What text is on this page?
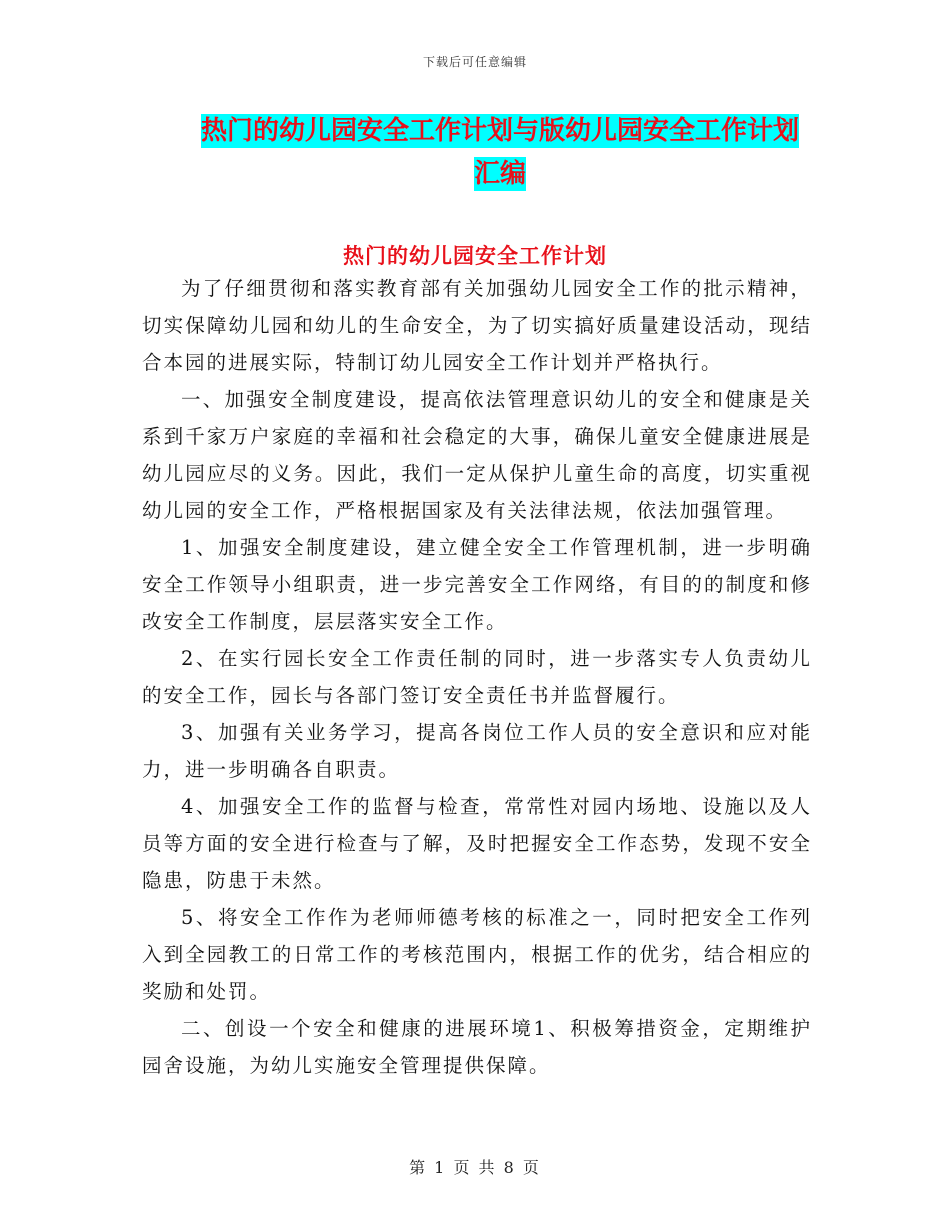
下载后可任意编辑
热门的幼儿园安全工作计划与版幼儿园安全工作计划
汇编
热门的幼儿园安全工作计划

为了仔细贯彻和落实教育部有关加强幼儿园安全工作的批示精神，切实保障幼儿园和幼儿的生命安全，为了切实搞好质量建设活动，现结合本园的进展实际，特制订幼儿园安全工作计划并严格执行。

一、加强安全制度建设，提高依法管理意识幼儿的安全和健康是关系到千家万户家庭的幸福和社会稳定的大事，确保儿童安全健康进展是幼儿园应尽的义务。因此，我们一定从保护儿童生命的高度，切实重视幼儿园的安全工作，严格根据国家及有关法律法规，依法加强管理。

1、加强安全制度建设，建立健全安全工作管理机制，进一步明确安全工作领导小组职责，进一步完善安全工作网络，有目的的制度和修改安全工作制度，层层落实安全工作。

2、在实行园长安全工作责任制的同时，进一步落实专人负责幼儿的安全工作，园长与各部门签订安全责任书并监督履行。

3、加强有关业务学习，提高各岗位工作人员的安全意识和应对能力，进一步明确各自职责。

4、加强安全工作的监督与检查，常常性对园内场地、设施以及人员等方面的安全进行检查与了解，及时把握安全工作态势，发现不安全隐患，防患于未然。

5、将安全工作作为老师师德考核的标准之一，同时把安全工作列入到全园教工的日常工作的考核范围内，根据工作的优劣，结合相应的奖励和处罚。

二、创设一个安全和健康的进展环境1、积极筹措资金，定期维护园舍设施，为幼儿实施安全管理提供保障。

第 1 页 共 8 页
